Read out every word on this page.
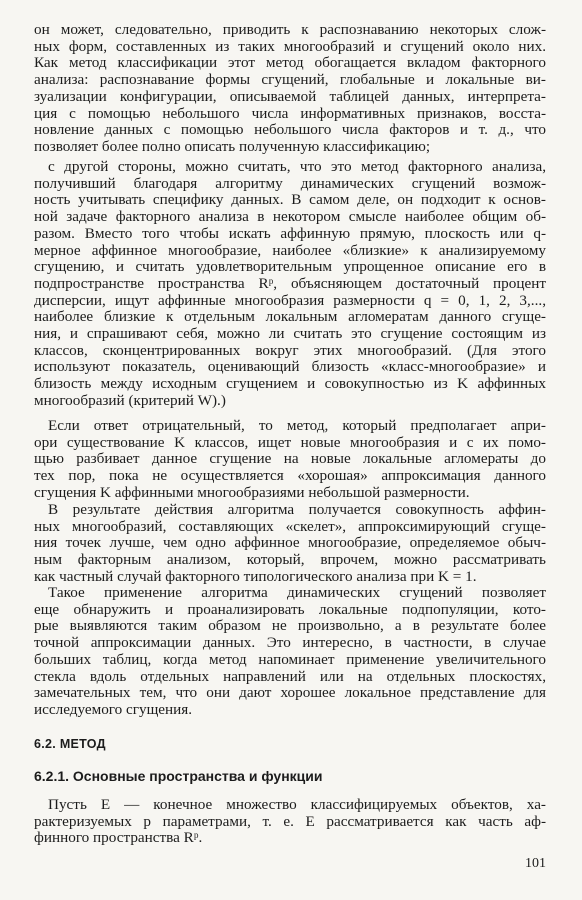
он может, следовательно, приводить к распознаванию некоторых слож-
ных форм, составленных из таких многообразий и сгущений около них.
Как метод классификации этот метод обогащается вкладом факторного
анализа: распознавание формы сгущений, глобальные и локальные ви-
зуализации конфигурации, описываемой таблицей данных, интерпрета-
ция с помощью небольшого числа информативных признаков, восста-
новление данных с помощью небольшого числа факторов и т. д., что
позволяет более полно описать полученную классификацию;
с другой стороны, можно считать, что это метод факторного анализа,
получивший благодаря алгоритму динамических сгущений возмож-
ность учитывать специфику данных. В самом деле, он подходит к основ-
ной задаче факторного анализа в некотором смысле наиболее общим об-
разом. Вместо того чтобы искать аффинную прямую, плоскость или q-
мерное аффинное многообразие, наиболее «близкие» к анализируемому
сгущению, и считать удовлетворительным упрощенное описание его в
подпространстве пространства Rᵖ, объясняющем достаточный процент
дисперсии, ищут аффинные многообразия размерности q = 0, 1, 2, 3,...,
наиболее близкие к отдельным локальным агломератам данного сгуще-
ния, и спрашивают себя, можно ли считать это сгущение состоящим из
классов, сконцентрированных вокруг этих многообразий. (Для этого
используют показатель, оценивающий близость «класс-многообразие» и
близость между исходным сгущением и совокупностью из K аффинных
многообразий (критерий W).)
Если ответ отрицательный, то метод, который предполагает апри-
ори существование K классов, ищет новые многообразия и с их помо-
щью разбивает данное сгущение на новые локальные агломераты до
тех пор, пока не осуществляется «хорошая» аппроксимация данного
сгущения K аффинными многообразиями небольшой размерности.
В результате действия алгоритма получается совокупность аффин-
ных многообразий, составляющих «скелет», аппроксимирующий сгуще-
ния точек лучше, чем одно аффинное многообразие, определяемое обыч-
ным факторным анализом, который, впрочем, можно рассматривать
как частный случай факторного типологического анализа при K = 1.
Такое применение алгоритма динамических сгущений позволяет
еще обнаружить и проанализировать локальные подпопуляции, кото-
рые выявляются таким образом не произвольно, а в результате более
точной аппроксимации данных. Это интересно, в частности, в случае
больших таблиц, когда метод напоминает применение увеличительного
стекла вдоль отдельных направлений или на отдельных плоскостях,
замечательных тем, что они дают хорошее локальное представление для
исследуемого сгущения.
6.2. МЕТОД
6.2.1. Основные пространства и функции
Пусть E — конечное множество классифицируемых объектов, ха-
рактеризуемых p параметрами, т. е. E рассматривается как часть аф-
финного пространства Rᵖ.

101
